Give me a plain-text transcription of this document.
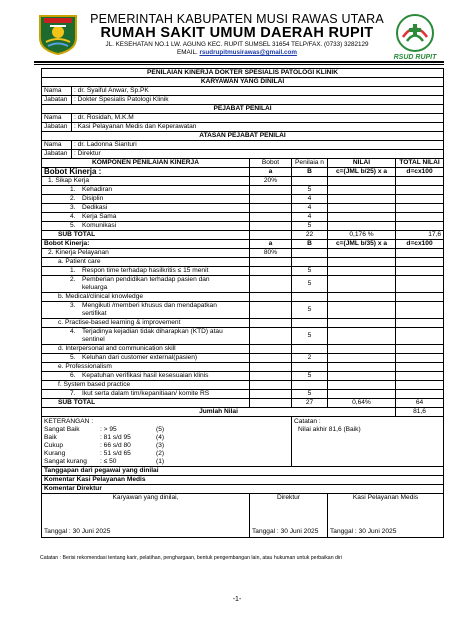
PEMERINTAH KABUPATEN MUSI RAWAS UTARA
RUMAH SAKIT UMUM DAERAH RUPIT
JL. KESEHATAN NO.1 LW. AGUNG KEC. RUPIT SUMSEL 31654 TELP/FAX. (0733) 3282129
EMAIL. rsudrupitmusirawas@gmail.com
RSUD RUPIT
PENILAIAN KINERJA DOKTER SPESIALIS PATOLOGI KLINIK
KARYAWAN YANG DINILAI
Nama	: dr. Syaiful Anwar, Sp.PK
Jabatan	: Dokter Spesialis Patologi Klinik
PEJABAT PENILAI
Nama	: dr. Rosidah, M.K.M
Jabatan	: Kasi Pelayanan Medis dan Keperawatan
ATASAN PEJABAT PENILAI
Nama	: dr. Ladonna Sianturi
Jabatan	: Direktur
KOMPONEN PENILAIAN KINERJA	Bobot	Penilaia n	NILAI	TOTAL NILAI
Bobot Kinerja :	a	B	c=(JML b/25) x a	d=cx100
1. Sikap Kerja	20%			
1. Kehadiran		5		
2. Disiplin		4		
3. Dedikasi		4		
4. Kerja Sama		4		
5. Komunikasi		5		
SUB TOTAL		22	0,176 %	17,6
Bobot Kinerja:	a	B	c=(JML b/35) x a	d=cx100
2. Kinerja Pelayanan	80%			
a. Patient care				
1. Respon time terhadap hasilkritis ≤ 15 menit		5		
2. Pemberian pendidikan terhadap pasien dan
keluarga		5		
b. Medical/clinical knowledge				
3. Mengikuti /memberi khusus dan mendapatkan
sertifikat		5		
c. Practise-based learning & improvement				
4. Terjadinya kejadian tidak diharapkan (KTD) atau
sentinel		5		
d. Interpersonal and communication skill				
5. Keluhan dari customer external(pasien)		2		
e. Professionalism				
6. Kepatuhan verifikasi hasil kesesuaian klinis		5		
f. System based practice				
7. Ikut serta dalam tim/kepanitiaan/ komite RS		5		
SUB TOTAL		27	0,64%	64
Jumlah Nilai	81,6

KETERANGAN :
Sangat Baik	: > 95	(5)
Baik	: 81 s/d 95	(4)
Cukup	: 66 s/d 80	(3)
Kurang	: 51 s/d 65	(2)
Sangat kurang	: ≤ 50	(1)

Catatan :
Nilai akhir 81,6 (Baik)

Tanggapan dari pegawai yang dinilai
Komentar Kasi Pelayanan Medis
Komentar Direktur

Karyawan yang dinilai,
Tanggal : 30 Juni 2025

Direktur
Tanggal : 30 Juni 2025

Kasi Pelayanan Medis
Tanggal : 30 Juni 2025
Catatan : Berisi rekomendasi tentang karir, pelatihan, penghargaan, bentuk pengembangan lain, atau hukuman untuk perbaikan diri
-1-
